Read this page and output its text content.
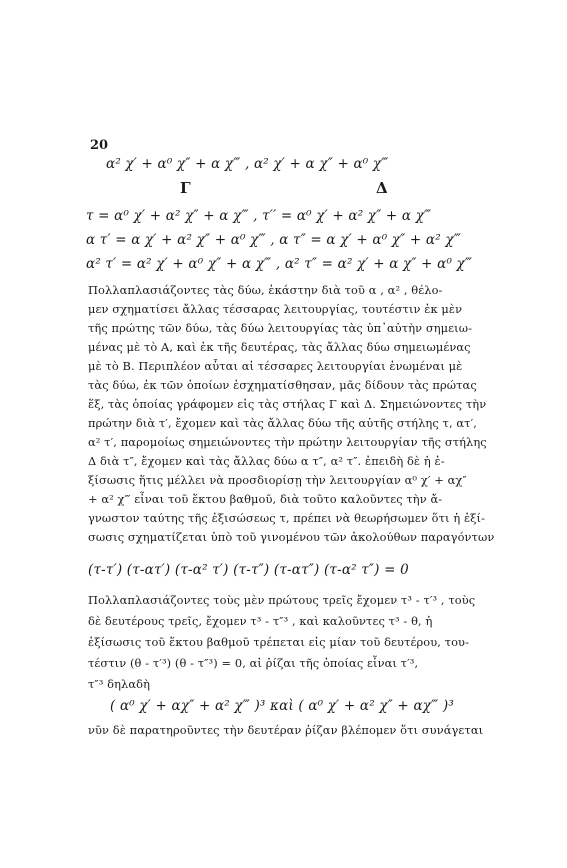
20
α² χ′ + α⁰ χ″ + α χ‴ , α² χ′ + α χ″ + α⁰ χ‴
Γ	Δ
τ = α⁰ χ′ + α² χ″ + α χ‴ , τ′′ = α⁰ χ′ + α² χ″ + α χ‴
α τ′ = α χ′ + α² χ″ + α⁰ χ‴ , α τ″ = α χ′ + α⁰ χ″ + α² χ‴
α² τ′ = α² χ′ + α⁰ χ″ + α χ‴ , α² τ″ = α² χ′ + α χ″ + α⁰ χ‴
Πολλαπλασιάζοντες τὰς δύω, ἑκάστην διὰ τοῦ α , α² , θέλο-
μεν σχηματίσει ἄλλας τέσσαρας λειτουργίας, τουτέστιν ἐκ μὲν
τῆς πρώτης τῶν δύω, τὰς δύω λειτουργίας τὰς ὑπ᾽αὐτὴν σημειω-
μένας μὲ τὸ Α, καὶ ἐκ τῆς δευτέρας, τὰς ἄλλας δύω σημειωμένας
μὲ τὸ Β. Περιπλέον αὗται αἱ τέσσαρες λειτουργίαι ἑνωμέναι μὲ
τὰς δύω, ἐκ τῶν ὁποίων ἐσχηματίσθησαν, μᾶς δίδουν τὰς πρώτας
ἕξ, τὰς ὁποίας γράφομεν εἰς τὰς στήλας Γ καὶ Δ. Σημειώνοντες τὴν
πρώτην διὰ τ′, ἔχομεν καὶ τὰς ἄλλας δύω τῆς αὐτῆς στήλης τ, ατ′,
α² τ′, παρομοίως σημειώνοντες τὴν πρώτην λειτουργίαν τῆς στήλης
Δ διὰ τ″, ἔχομεν καὶ τὰς ἄλλας δύω α τ″, α² τ″. ἐπειδὴ δὲ ἡ ἐ-
ξίσωσις ἥτις μέλλει νὰ προσδιορίσῃ τὴν λειτουργίαν α⁰ χ′ + αχ″
+ α² χ‴ εἶναι τοῦ ἕκτου βαθμοῦ, διὰ τοῦτο καλοῦντες τὴν ἄ-
γνωστον ταύτης τῆς ἐξισώσεως τ, πρέπει νὰ θεωρήσωμεν ὅτι ἡ ἐξί-
σωσις σχηματίζεται ὑπὸ τοῦ γινομένου τῶν ἀκολούθων παραγόντων
(τ-τ′) (τ-ατ′) (τ-α² τ′) (τ-τ″) (τ-ατ″) (τ-α² τ″) = 0
Πολλαπλασιάζοντες τοὺς μὲν πρώτους τρεῖς ἔχομεν τ³ - τ′³ , τοὺς
δὲ δευτέρους τρεῖς, ἔχομεν τ³ - τ″³ , καὶ καλοῦντες τ³ - θ, ἡ
ἐξίσωσις τοῦ ἕκτου βαθμοῦ τρέπεται εἰς μίαν τοῦ δευτέρου, του-
τέστιν (θ - τ′³) (θ - τ″³) = 0, αἱ ῥίζαι τῆς ὁποίας εἶναι τ′³,
τ″³ δηλαδὴ
( α⁰ χ′ + αχ″ + α² χ‴ )³ καὶ ( α⁰ χ′ + α² χ″ + αχ‴ )³
νῦν δὲ παρατηροῦντες τὴν δευτέραν ῥίζαν βλέπομεν ὅτι συνάγεται
